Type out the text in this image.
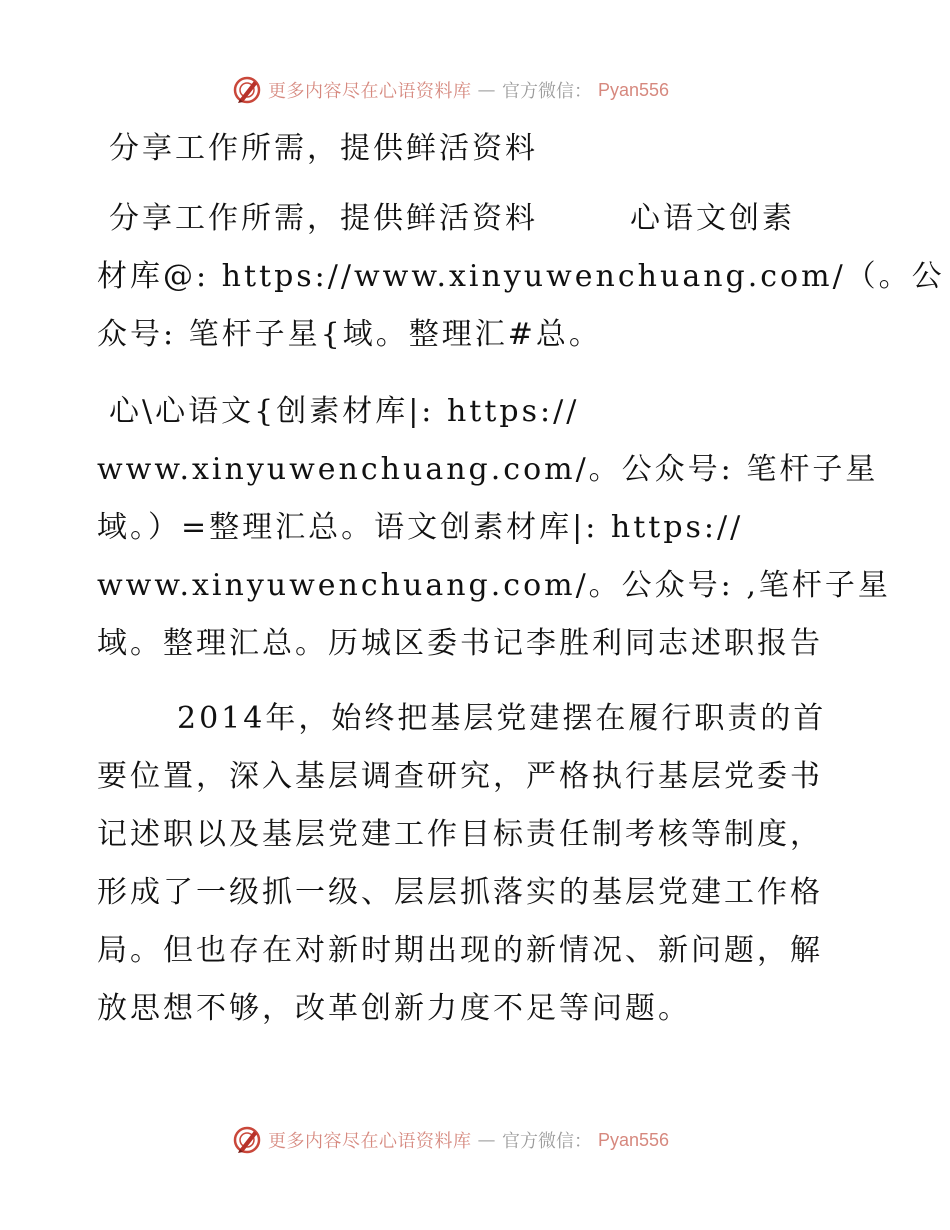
更多内容尽在心语资料库 — 官方微信： Pyan556
分享工作所需，提供鲜活资料
分享工作所需，提供鲜活资料	心语文创素
材库@: https://www.xinyuwenchuang.com/（。公
众号: 笔杆子星{域。整理汇#总。
心\心语文{创素材库|: https://
www.xinyuwenchuang.com/。公众号: 笔杆子星
域。）=整理汇总。语文创素材库|: https://
www.xinyuwenchuang.com/。公众号: ,笔杆子星
域。整理汇总。历城区委书记李胜利同志述职报告
2014年，始终把基层党建摆在履行职责的首
要位置，深入基层调查研究，严格执行基层党委书
记述职以及基层党建工作目标责任制考核等制度，
形成了一级抓一级、层层抓落实的基层党建工作格
局。但也存在对新时期出现的新情况、新问题，解
放思想不够，改革创新力度不足等问题。
更多内容尽在心语资料库 — 官方微信： Pyan556
